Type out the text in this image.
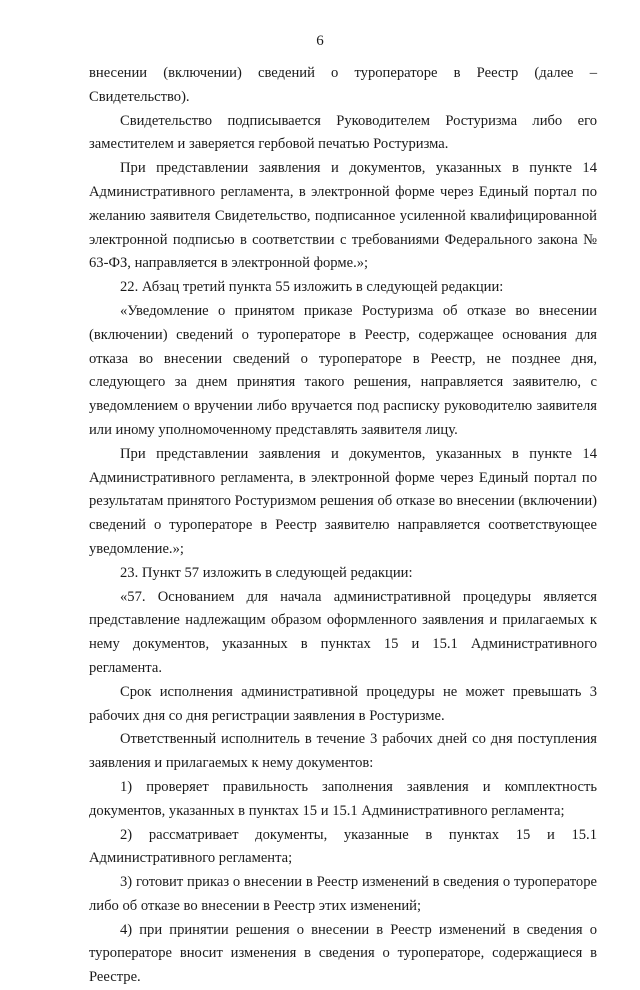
6

внесении (включении) сведений о туроператоре в Реестр (далее – Свидетельство).

Свидетельство подписывается Руководителем Ростуризма либо его заместителем и заверяется гербовой печатью Ростуризма.

При представлении заявления и документов, указанных в пункте 14 Административного регламента, в электронной форме через Единый портал по желанию заявителя Свидетельство, подписанное усиленной квалифицированной электронной подписью в соответствии с требованиями Федерального закона № 63-ФЗ, направляется в электронной форме.»;

22. Абзац третий пункта 55 изложить в следующей редакции:

«Уведомление о принятом приказе Ростуризма об отказе во внесении (включении) сведений о туроператоре в Реестр, содержащее основания для отказа во внесении сведений о туроператоре в Реестр, не позднее дня, следующего за днем принятия такого решения, направляется заявителю, с уведомлением о вручении либо вручается под расписку руководителю заявителя или иному уполномоченному представлять заявителя лицу.

При представлении заявления и документов, указанных в пункте 14 Административного регламента, в электронной форме через Единый портал по результатам принятого Ростуризмом решения об отказе во внесении (включении) сведений о туроператоре в Реестр заявителю направляется соответствующее уведомление.»;

23. Пункт 57 изложить в следующей редакции:

«57. Основанием для начала административной процедуры является представление надлежащим образом оформленного заявления и прилагаемых к нему документов, указанных в пунктах 15 и 15.1 Административного регламента.

Срок исполнения административной процедуры не может превышать 3 рабочих дня со дня регистрации заявления в Ростуризме.

Ответственный исполнитель в течение 3 рабочих дней со дня поступления заявления и прилагаемых к нему документов:

1) проверяет правильность заполнения заявления и комплектность документов, указанных в пунктах 15 и 15.1 Административного регламента;

2) рассматривает документы, указанные в пунктах 15 и 15.1 Административного регламента;

3) готовит приказ о внесении в Реестр изменений в сведения о туроператоре либо об отказе во внесении в Реестр этих изменений;

4) при принятии решения о внесении в Реестр изменений в сведения о туроператоре вносит изменения в сведения о туроператоре, содержащиеся в Реестре.
